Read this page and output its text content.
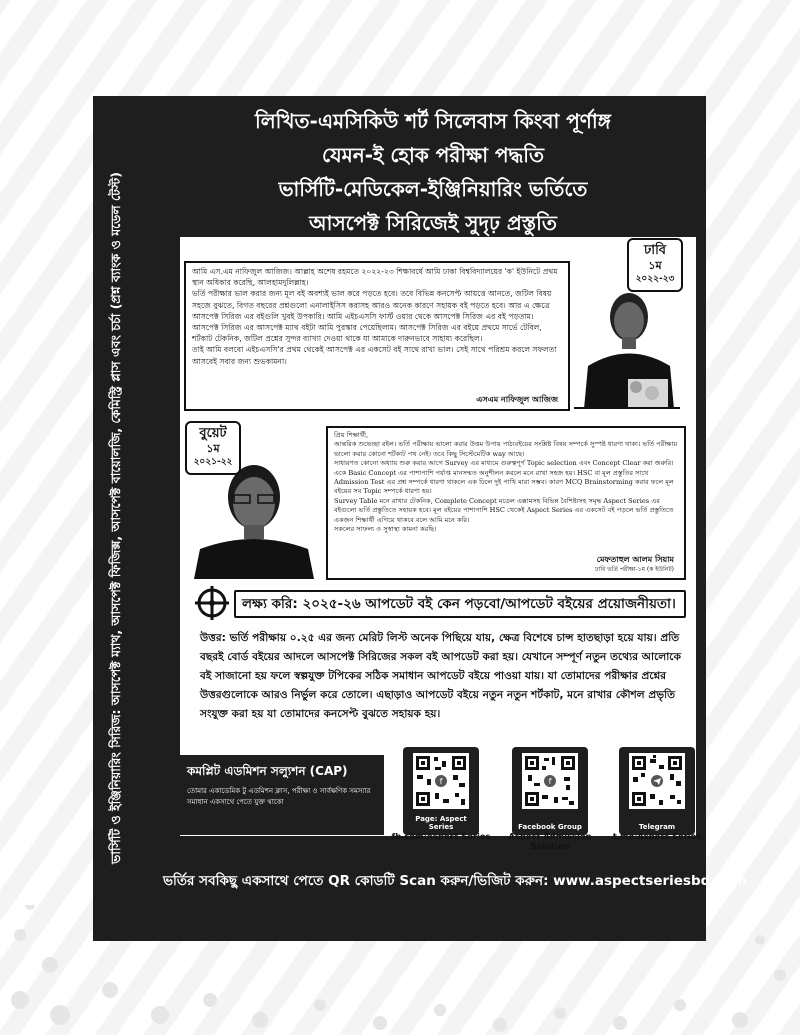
ভার্সিটি ও ইঞ্জিনিয়ারিং সিরিজ: আসপেক্ট ম্যাথ, আসপেক্ট ফিজিক্স, আসপেক্ট বায়োলজি, কেমিস্ট্রি প্লাস এবং চর্চা (প্রশ্ন ব্যাংক ও মডেল টেস্ট)
লিখিত-এমসিকিউ শর্ট সিলেবাস কিংবা পূর্ণাঙ্গ
যেমন-ই হোক পরীক্ষা পদ্ধতি
ভার্সিটি-মেডিকেল-ইঞ্জিনিয়ারিং ভর্তিতে
আসপেক্ট সিরিজেই সুদৃঢ় প্রস্তুতি

আমি এস.এম নাফিজুল আজিজ। আল্লাহ অশেষ রহমতে ২০২২-২৩ শিক্ষাবর্ষে আমি ঢাকা বিশ্ববিদ্যালয়ের 'ক' ইউনিটে প্রথম স্থান অধিকার করেছি, আলহামদুলিল্লাহ।

ভর্তি পরীক্ষার ভাল করার জন্য মূল বই অবশ্যই ভাল করে পড়তে হবে। তবে বিভিন্ন কনসেপ্ট আয়ত্তে আনতে, জটিল বিষয় সহজে বুঝতে, বিগত বছরের প্রশ্নগুলো এনালাইসিস করাসহ আরও অনেক কারণে সহায়ক বই পড়তে হবে। আর এ ক্ষেত্রে আসপেক্ট সিরিজ এর বইগুলি খুবই উপকারি। আমি এইচএসসি ফার্স্ট ওয়ার থেকে আসপেক্ট সিরিজ এর বই পড়তাম। আসপেক্ট সিরিজ এর আসপেক্ট ম্যাথ বইটা আমি পুরস্কার পেয়েছিলাম। আসপেক্ট সিরিজ এর বইয়ে প্রথমে সার্ভে টেবিল, শর্টকাট টেকনিক, জটিল প্রশ্নের সুন্দর ব্যাখ্যা দেওয়া থাকে যা আমাকে দারুনভাবে সাহায্য করেছিল।

তাই আমি বলবো এইচএসসি'র প্রথম থেকেই আসপেক্ট এর একসেট বই সাথে রাখা ভাল। সেই সাথে পরিশ্রম করলে সফলতা আসবেই সবার জন্য শুভকামনা।

এসএম নাফিজুল আজিজ
ঢাবি
১ম
২০২২-২৩
বুয়েট
১ম
২০২১-২২

প্রিয় শিক্ষার্থী,

আন্তরিক শুভেচ্ছা রইল। ভর্তি পরীক্ষায় ভালো করার উত্তম উপায় পাঠ্যবইয়ের সংশ্লিষ্ট বিষয় সম্পর্কে সুস্পষ্ট ধারণা থাকা। ভর্তি পরীক্ষায় ভালো করার কোনো শর্টকাট পথ নেই। তবে কিছু সিস্টেমেটিক way আছে।

সাধারণত কোনো অধ্যায় শুরু করার আগে Survey এর মাধ্যমে গুরুত্বপূর্ণ Topic selection এবং Concept Clear করা জরুরি। একে Basic Concept এর পাশাপাশি পর্যাপ্ত মানসম্মত অনুশীলন করলে মনে রাখা সহজ হয়। HSC বা মূল প্রস্তুতির সাথে Admission Test এর প্রশ্ন সম্পর্কে ধারণা থাকলে এক ঢিলে দুই পাখি মারা সম্ভব। কারণ MCQ Brainstorming করার ফলে মূল বইয়ের সব Topic সম্পর্কে ধারণা হয়।

Survey Table মনে রাখার টেকনিক, Complete Concept মডেল এক্সামসহ বিভিন্ন বৈশিষ্ট্যসহ সমৃদ্ধ Aspect Series এর বইগুলো ভর্তি প্রস্তুতিতে সহায়ক হবে। মূল বইয়ের পাশাপাশি HSC থেকেই Aspect Series এর একসেট বই পড়লে ভর্তি প্রস্তুতিতে একজন শিক্ষার্থী এগিয়ে থাকবে বলে আমি মনে করি।

সকলের সাফল্য ও সুস্বাস্থ্য কামনা করছি।

মেফতাহুল আলম সিয়াম
ঢাবি ভর্তি পরীক্ষা-১ম (ক ইউনিট)
লক্ষ্য করি: ২০২৫-২৬ আপডেট বই কেন পড়বো/আপডেট বইয়ের প্রয়োজনীয়তা।
উত্তর: ভর্তি পরীক্ষায় ০.২৫ এর জন্য মেরিট লিস্ট অনেক পিছিয়ে যায়, ক্ষেত্র বিশেষে চান্স হাতছাড়া হয়ে যায়। প্রতি বছরই বোর্ড বইয়ের আদলে আসপেক্ট সিরিজের সকল বই আপডেট করা হয়। যেখানে সম্পূর্ণ নতুন তথ্যের আলোকে বই সাজানো হয় ফলে স্বল্পযুক্ত টপিকের সঠিক সমাধান আপডেট বইয়ে পাওয়া যায়। যা তোমাদের পরীক্ষার প্রশ্নের উত্তরগুলোকে আরও নির্ভুল করে তোলে। এছাড়াও আপডেট বইয়ে নতুন নতুন শর্টকাট, মনে রাখার কৌশল প্রভৃতি সংযুক্ত করা হয় যা তোমাদের কনসেপ্ট বুঝতে সহায়ক হয়।
কমপ্লিট এডমিশন সল্যুশন (CAP)
তোমার একাডেমিক টু এডমিশন ক্লাস, পরীক্ষা ও সার্বক্ষণিক সমস্যার সমাধান একসাথে পেতে যুক্ত থাকো
f
Page: Aspect Series
fb.com/Aspect Series
f
Facebook Group
Aspect Admission Solution
Telegram
t.me/Aspect Series
ভর্তির সবকিছু একসাথে পেতে QR কোডটি Scan করুন/ভিজিট করুন: www.aspectseriesbd.com
